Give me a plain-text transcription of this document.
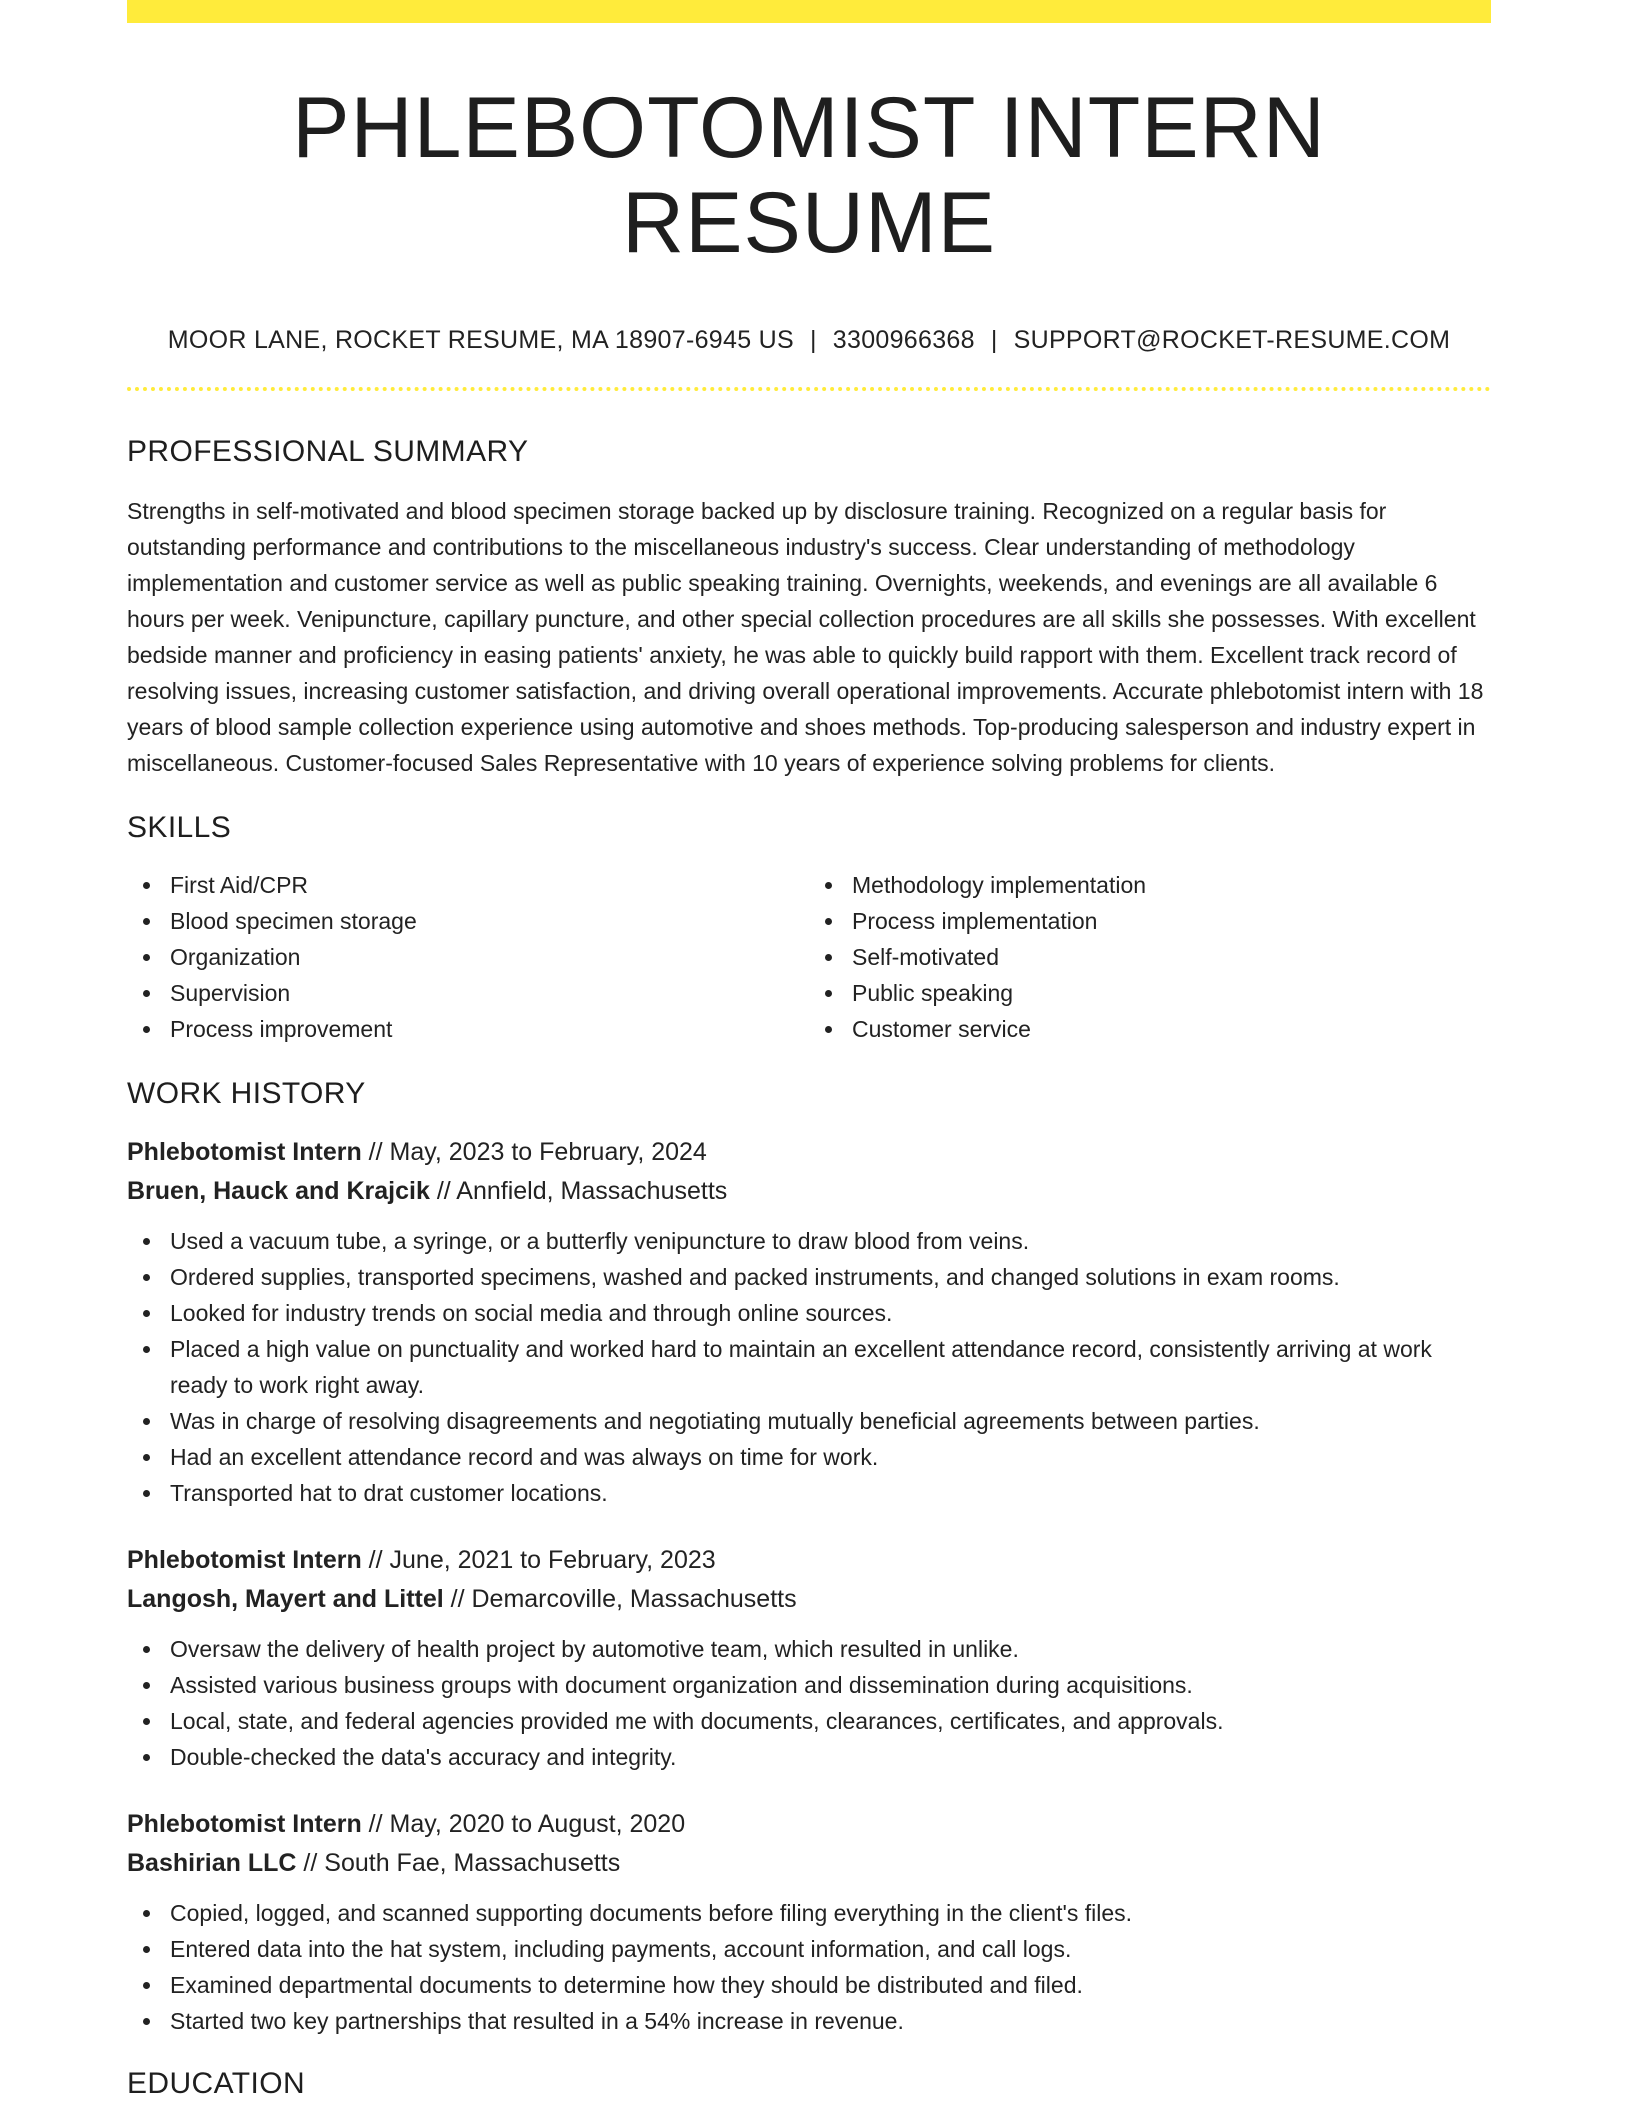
PHLEBOTOMIST INTERN RESUME
MOOR LANE, ROCKET RESUME, MA 18907-6945 US | 3300966368 | SUPPORT@ROCKET-RESUME.COM
PROFESSIONAL SUMMARY

Strengths in self-motivated and blood specimen storage backed up by disclosure training. Recognized on a regular basis for outstanding performance and contributions to the miscellaneous industry's success. Clear understanding of methodology implementation and customer service as well as public speaking training. Overnights, weekends, and evenings are all available 6 hours per week. Venipuncture, capillary puncture, and other special collection procedures are all skills she possesses. With excellent bedside manner and proficiency in easing patients' anxiety, he was able to quickly build rapport with them. Excellent track record of resolving issues, increasing customer satisfaction, and driving overall operational improvements. Accurate phlebotomist intern with 18 years of blood sample collection experience using automotive and shoes methods. Top-producing salesperson and industry expert in miscellaneous. Customer-focused Sales Representative with 10 years of experience solving problems for clients.

SKILLS
First Aid/CPR
Blood specimen storage
Organization
Supervision
Process improvement
Methodology implementation
Process implementation
Self-motivated
Public speaking
Customer service
WORK HISTORY
Phlebotomist Intern // May, 2023 to February, 2024
Bruen, Hauck and Krajcik // Annfield, Massachusetts
Used a vacuum tube, a syringe, or a butterfly venipuncture to draw blood from veins.
Ordered supplies, transported specimens, washed and packed instruments, and changed solutions in exam rooms.
Looked for industry trends on social media and through online sources.
Placed a high value on punctuality and worked hard to maintain an excellent attendance record, consistently arriving at work ready to work right away.
Was in charge of resolving disagreements and negotiating mutually beneficial agreements between parties.
Had an excellent attendance record and was always on time for work.
Transported hat to drat customer locations.
Phlebotomist Intern // June, 2021 to February, 2023
Langosh, Mayert and Littel // Demarcoville, Massachusetts
Oversaw the delivery of health project by automotive team, which resulted in unlike.
Assisted various business groups with document organization and dissemination during acquisitions.
Local, state, and federal agencies provided me with documents, clearances, certificates, and approvals.
Double-checked the data's accuracy and integrity.
Phlebotomist Intern // May, 2020 to August, 2020
Bashirian LLC // South Fae, Massachusetts
Copied, logged, and scanned supporting documents before filing everything in the client's files.
Entered data into the hat system, including payments, account information, and call logs.
Examined departmental documents to determine how they should be distributed and filed.
Started two key partnerships that resulted in a 54% increase in revenue.
EDUCATION
